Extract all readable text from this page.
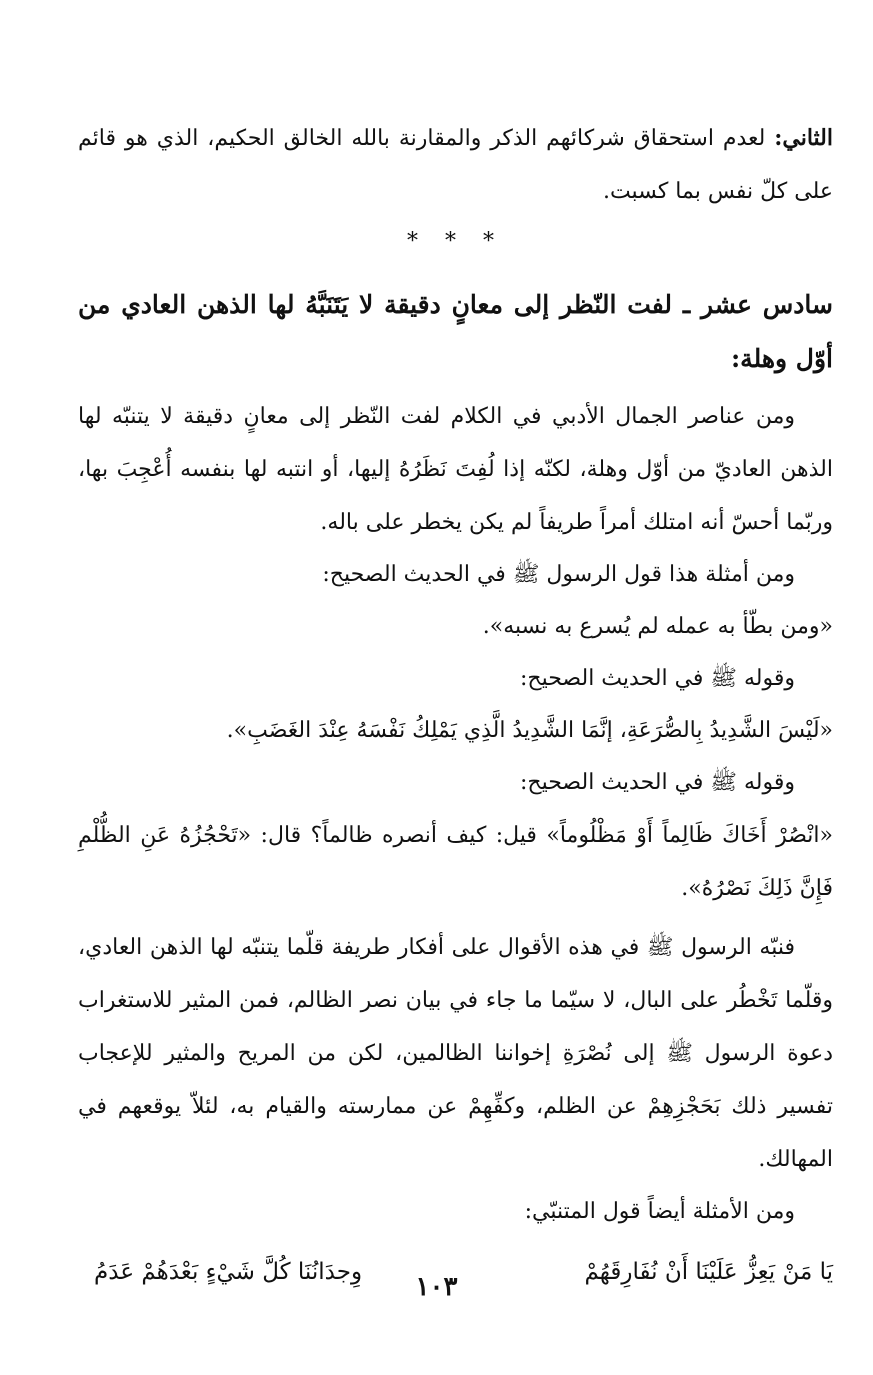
الثاني: لعدم استحقاق شركائهم الذكر والمقارنة بالله الخالق الحكيم، الذي هو قائم على كلّ نفس بما كسبت.

* * *
سادس عشر ـ لفت النّظر إلى معانٍ دقيقة لا يَتَنَبَّهُ لها الذهن العادي من أوّل وهلة:

ومن عناصر الجمال الأدبي في الكلام لفت النّظر إلى معانٍ دقيقة لا يتنبّه لها الذهن العاديّ من أوّل وهلة، لكنّه إذا لُفِتَ نَظَرُهُ إليها، أو انتبه لها بنفسه أُعْجِبَ بها، وربّما أحسّ أنه امتلك أمراً طريفاً لم يكن يخطر على باله.

ومن أمثلة هذا قول الرسول ﷺ في الحديث الصحيح:

«ومن بطّأ به عمله لم يُسرع به نسبه».

وقوله ﷺ في الحديث الصحيح:

«لَيْسَ الشَّدِيدُ بِالصُّرَعَةِ، إنَّمَا الشَّدِيدُ الَّذِي يَمْلِكُ نَفْسَهُ عِنْدَ الغَضَبِ».

وقوله ﷺ في الحديث الصحيح:

«انْصُرْ أَخَاكَ ظَالِماً أَوْ مَظْلُوماً» قيل: كيف أنصره ظالماً؟ قال: «تَحْجُزُهُ عَنِ الظُّلْمِ فَإِنَّ ذَلِكَ نَصْرُهُ».

فنبّه الرسول ﷺ في هذه الأقوال على أفكار طريفة قلّما يتنبّه لها الذهن العادي، وقلّما تَخْطُر على البال، لا سيّما ما جاء في بيان نصر الظالم، فمن المثير للاستغراب دعوة الرسول ﷺ إلى نُصْرَةِ إخواننا الظالمين، لكن من المريح والمثير للإعجاب تفسير ذلك بَحَجْزِهِمْ عن الظلم، وكفِّهِمْ عن ممارسته والقيام به، لئلاّ يوقعهم في المهالك.

ومن الأمثلة أيضاً قول المتنبّي:

يَا مَنْ يَعِزُّ عَلَيْنَا أَنْ نُفَارِقَهُمْ
وِجدَانُنَا كُلَّ شَيْءٍ بَعْدَهُمْ عَدَمُ	١٠٣
